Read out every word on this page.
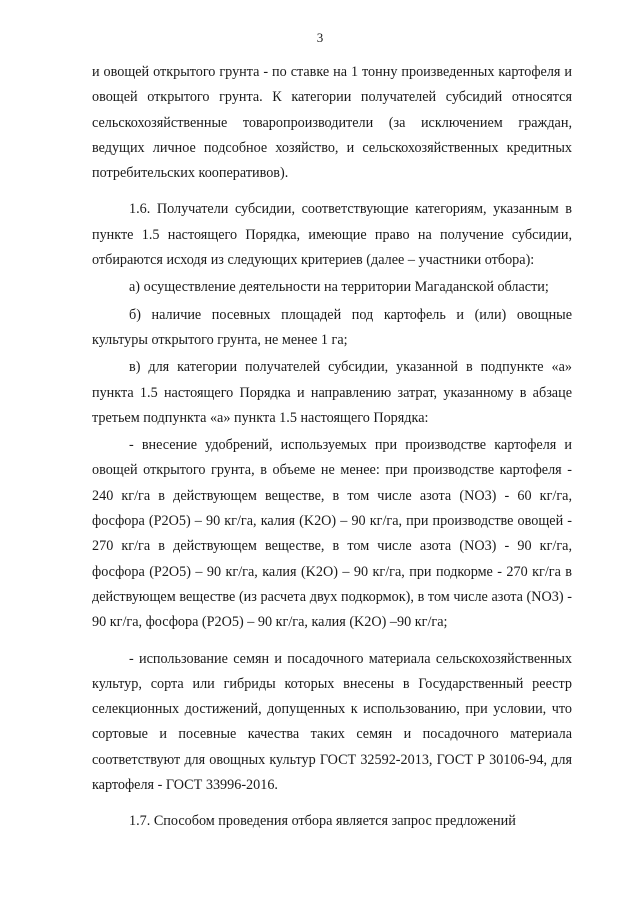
3

и овощей открытого грунта - по ставке на 1 тонну произведенных картофеля и овощей открытого грунта. К категории получателей субсидий относятся сельскохозяйственные товаропроизводители (за исключением граждан, ведущих личное подсобное хозяйство, и сельскохозяйственных кредитных потребительских кооперативов).

1.6. Получатели субсидии, соответствующие категориям, указанным в пункте 1.5 настоящего Порядка, имеющие право на получение субсидии, отбираются исходя из следующих критериев (далее – участники отбора):

а) осуществление деятельности на территории Магаданской области;

б) наличие посевных площадей под картофель и (или) овощные культуры открытого грунта, не менее 1 га;

в) для категории получателей субсидии, указанной в подпункте «а» пункта 1.5 настоящего Порядка и направлению затрат, указанному в абзаце третьем подпункта «а» пункта 1.5 настоящего Порядка:

- внесение удобрений, используемых при производстве картофеля и овощей открытого грунта, в объеме не менее: при производстве картофеля - 240 кг/га в действующем веществе, в том числе азота (NO3) - 60 кг/га, фосфора (P2O5) – 90 кг/га, калия (K2O) – 90 кг/га, при производстве овощей - 270 кг/га в действующем веществе, в том числе азота (NO3) - 90 кг/га, фосфора (P2O5) – 90 кг/га, калия (K2O) – 90 кг/га, при подкорме - 270 кг/га в действующем веществе (из расчета двух подкормок), в том числе азота (NO3) - 90 кг/га, фосфора (P2O5) – 90 кг/га, калия (K2O) –90 кг/га;

- использование семян и посадочного материала сельскохозяйственных культур, сорта или гибриды которых внесены в Государственный реестр селекционных достижений, допущенных к использованию, при условии, что сортовые и посевные качества таких семян и посадочного материала соответствуют для овощных культур ГОСТ 32592-2013, ГОСТ Р 30106-94, для картофеля - ГОСТ 33996-2016.

1.7. Способом проведения отбора является запрос предложений
